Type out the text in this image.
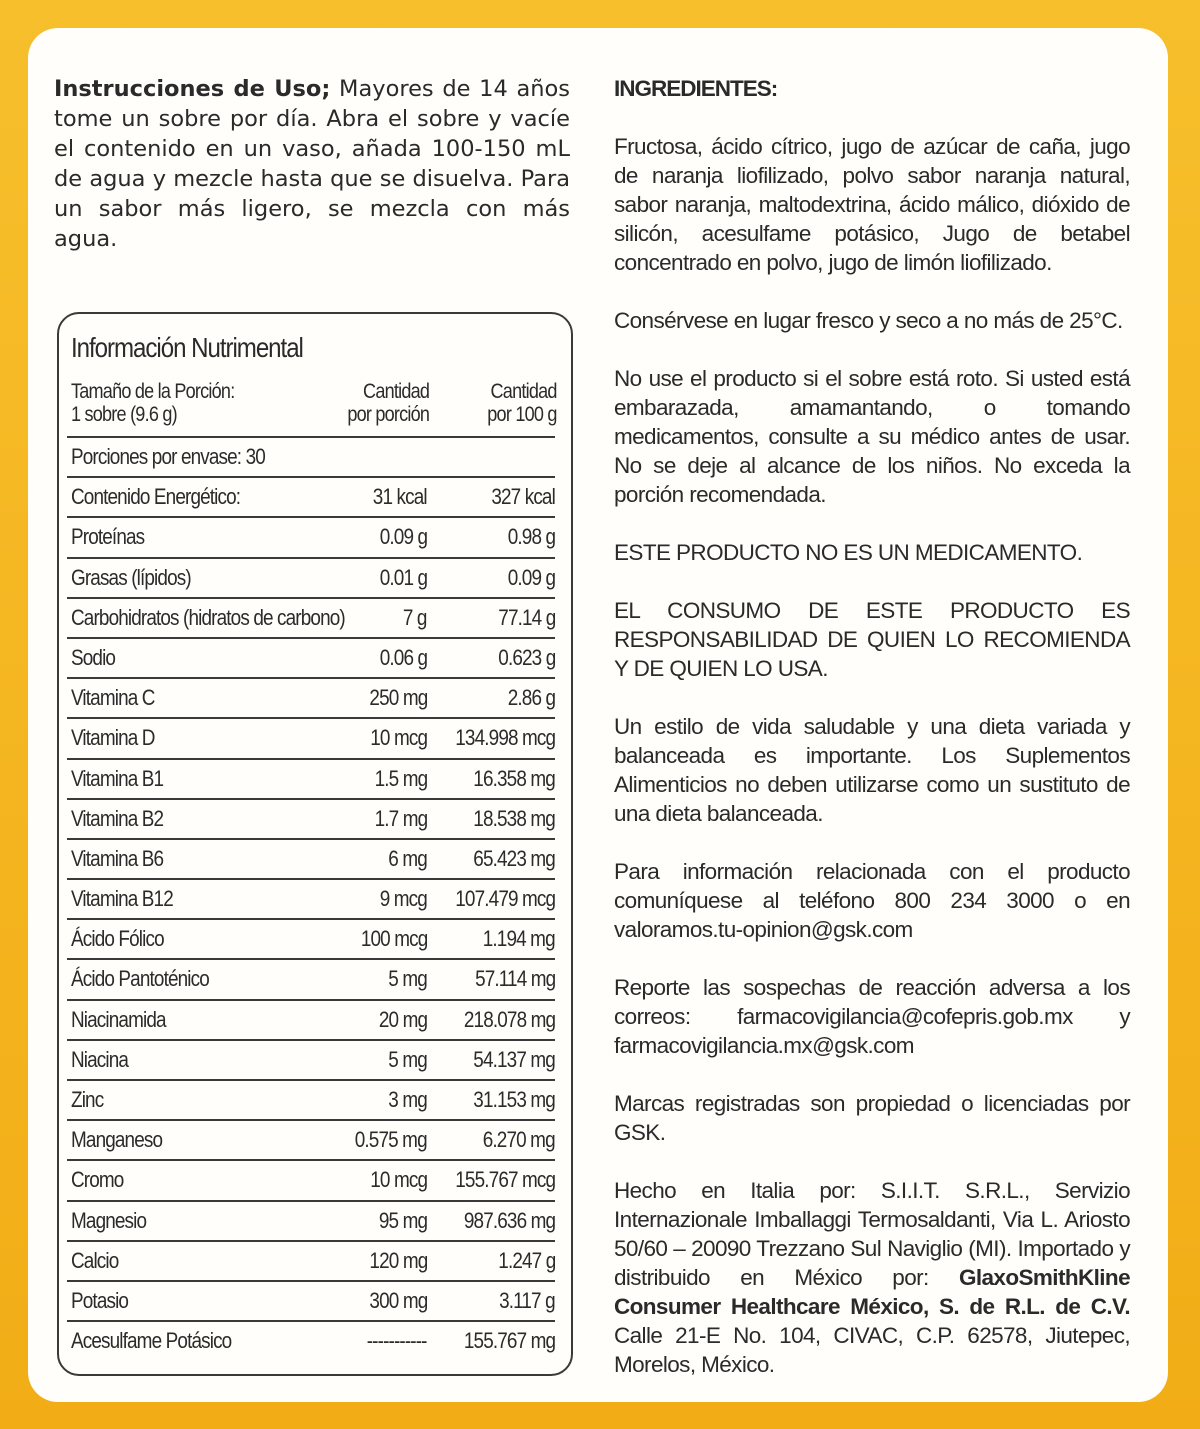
Instrucciones de Uso; Mayores de 14 años tome un sobre por día. Abra el sobre y vacíe el contenido en un vaso, añada 100-150 mL de agua y mezcle hasta que se disuelva. Para un sabor más ligero, se mezcla con más agua.
Información Nutrimental
Tamaño de la Porción:
1 sobre (9.6 g)
Cantidad
por porción
Cantidad
por 100 g
Porciones por envase: 30
Contenido Energético:	31 kcal	327 kcal
Proteínas	0.09 g	0.98 g
Grasas (lípidos)	0.01 g	0.09 g
Carbohidratos (hidratos de carbono)	7 g	77.14 g
Sodio	0.06 g	0.623 g
Vitamina C	250 mg	2.86 g
Vitamina D	10 mcg 134.998 mcg
Vitamina B1	1.5 mg 16.358 mg
Vitamina B2	1.7 mg 18.538 mg
Vitamina B6	6 mg 65.423 mg
Vitamina B12	9 mcg 107.479 mcg
Ácido Fólico	100 mcg	1.194 mg
Ácido Pantoténico	5 mg 57.114 mg
Niacinamida	20 mg 218.078 mg
Niacina	5 mg 54.137 mg
Zinc	3 mg 31.153 mg
Manganeso	0.575 mg	6.270 mg
Cromo	10 mcg 155.767 mcg
Magnesio	95 mg 987.636 mg
Calcio	120 mg	1.247 g
Potasio	300 mg	3.117 g
Acesulfame Potásico	----------- 155.767 mg

INGREDIENTES:

Fructosa, ácido cítrico, jugo de azúcar de caña, jugo de naranja liofilizado, polvo sabor naranja natural, sabor naranja, maltodextrina, ácido málico, dióxido de silicón, acesulfame potásico, Jugo de betabel concentrado en polvo, jugo de limón liofilizado.

Consérvese en lugar fresco y seco a no más de 25°C.

No use el producto si el sobre está roto. Si usted está embarazada, amamantando, o tomando medicamentos, consulte a su médico antes de usar. No se deje al alcance de los niños. No exceda la porción recomendada.

ESTE PRODUCTO NO ES UN MEDICAMENTO.

EL CONSUMO DE ESTE PRODUCTO ES RESPONSABILIDAD DE QUIEN LO RECOMIENDA Y DE QUIEN LO USA.

Un estilo de vida saludable y una dieta variada y balanceada es importante. Los Suplementos Alimenticios no deben utilizarse como un sustituto de una dieta balanceada.

Para información relacionada con el producto comuníquese al teléfono 800 234 3000 o en valoramos.tu-opinion@gsk.com

Reporte las sospechas de reacción adversa a los correos: farmacovigilancia@cofepris.gob.mx y farmacovigilancia.mx@gsk.com

Marcas registradas son propiedad o licenciadas por GSK.

Hecho en Italia por: S.I.I.T. S.R.L., Servizio Internazionale Imballaggi Termosaldanti, Via L. Ariosto 50/60 – 20090 Trezzano Sul Naviglio (MI). Importado y distribuido en México por: GlaxoSmithKline Consumer Healthcare México, S. de R.L. de C.V. Calle 21-E No. 104, CIVAC, C.P. 62578, Jiutepec, Morelos, México.
